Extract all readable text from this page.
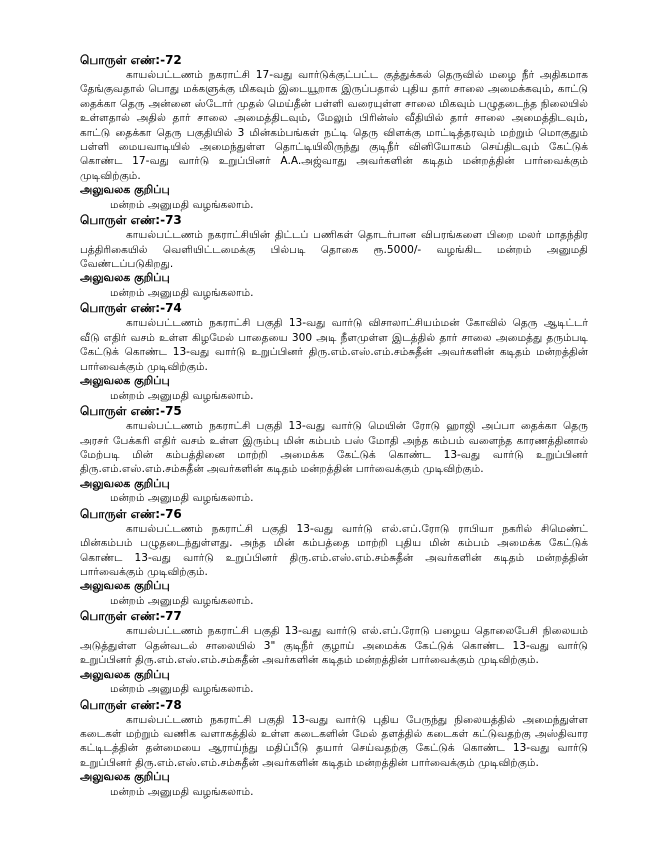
பொருள் எண்:-72

காயல்பட்டணம் நகராட்சி 17-வது வார்டுக்குட்பட்ட குத்துக்கல் தெருவில் மழை நீர் அதிகமாக தேங்குவதால் பொது மக்களுக்கு மிகவும் இடையூறாக இருப்பதால் புதிய தார் சாலை அமைக்கவும், காட்டு தைக்கா தெரு அன்னை ஸ்டோர் முதல் மெய்தீன் பள்ளி வரையுள்ள சாலை மிகவும் பழுதடைந்த நிலையில் உள்ளதால் அதில் தார் சாலை அமைத்திடவும், மேலும் பிரின்ஸ் வீதியில் தார் சாலை அமைத்திடவும், காட்டு தைக்கா தெரு பகுதியில் 3 மின்கம்பங்கள் நட்டி தெரு விளக்கு மாட்டித்தரவும் மற்றும் மொகுதும் பள்ளி மையவாடியில் அமைந்துள்ள தொட்டியிலிருந்து குடிநீர் வினியோகம் செய்திடவும் கேட்டுக் கொண்ட 17-வது வார்டு உறுப்பினர் A.A.அஜ்வாது அவர்களின் கடிதம் மன்றத்தின் பார்வைக்கும் முடிவிற்கும்.

அலுவலக குறிப்பு

மன்றம் அனுமதி வழங்கலாம்.

பொருள் எண்:-73

காயல்பட்டணம் நகராட்சியின் திட்டப் பணிகள் தொடர்பான விபரங்களை பிறை மலர் மாதந்திர பத்திரிகையில் வெளியிட்டமைக்கு பில்படி தொகை ரூ.5000/- வழங்கிட மன்றம் அனுமதி வேண்டப்படுகிறது.

அலுவலக குறிப்பு

மன்றம் அனுமதி வழங்கலாம்.

பொருள் எண்:-74

காயல்பட்டணம் நகராட்சி பகுதி 13-வது வார்டு விசாலாட்சியம்மன் கோவில் தெரு ஆடிட்டர் வீடு எதிர் வசம் உள்ள கிழமேல் பாதையை 300 அடி நீளமுள்ள இடத்தில் தார் சாலை அமைத்து தரும்படி கேட்டுக் கொண்ட 13-வது வார்டு உறுப்பினர் திரு.எம்.எஸ்.எம்.சம்சுதீன் அவர்களின் கடிதம் மன்றத்தின் பார்வைக்கும் முடிவிற்கும்.

அலுவலக குறிப்பு

மன்றம் அனுமதி வழங்கலாம்.

பொருள் எண்:-75

காயல்பட்டணம் நகராட்சி பகுதி 13-வது வார்டு மெயின் ரோடு ஹாஜி அப்பா தைக்கா தெரு அரசர் பேக்கரி எதிர் வசம் உள்ள இரும்பு மின் கம்பம் பஸ் மோதி அந்த கம்பம் வளைந்த காரணத்தினால் மேற்படி மின் கம்பத்தினை மாற்றி அமைக்க கேட்டுக் கொண்ட 13-வது வார்டு உறுப்பினர் திரு.எம்.எஸ்.எம்.சம்சுதீன் அவர்களின் கடிதம் மன்றத்தின் பார்வைக்கும் முடிவிற்கும்.

அலுவலக குறிப்பு

மன்றம் அனுமதி வழங்கலாம்.

பொருள் எண்:-76

காயல்பட்டணம் நகராட்சி பகுதி 13-வது வார்டு எல்.எப்.ரோடு ராபியா நகரில் சிமெண்ட் மின்கம்பம் பழுதடைந்துள்ளது. அந்த மின் கம்பத்தை மாற்றி புதிய மின் கம்பம் அமைக்க கேட்டுக் கொண்ட 13-வது வார்டு உறுப்பினர் திரு.எம்.எஸ்.எம்.சம்சுதீன் அவர்களின் கடிதம் மன்றத்தின் பார்வைக்கும் முடிவிற்கும்.

அலுவலக குறிப்பு

மன்றம் அனுமதி வழங்கலாம்.

பொருள் எண்:-77

காயல்பட்டணம் நகராட்சி பகுதி 13-வது வார்டு எல்.எப்.ரோடு பழைய தொலைபேசி நிலையம் அடுத்துள்ள தென்வடல் சாலையில் 3" குடிநீர் குழாய் அமைக்க கேட்டுக் கொண்ட 13-வது வார்டு உறுப்பினர் திரு.எம்.எஸ்.எம்.சம்சுதீன் அவர்களின் கடிதம் மன்றத்தின் பார்வைக்கும் முடிவிற்கும்.

அலுவலக குறிப்பு

மன்றம் அனுமதி வழங்கலாம்.

பொருள் எண்:-78

காயல்பட்டணம் நகராட்சி பகுதி 13-வது வார்டு புதிய பேருந்து நிலையத்தில் அமைந்துள்ள கடைகள் மற்றும் வணிக வளாகத்தில் உள்ள கடைகளின் மேல் தளத்தில் கடைகள் கட்டுவதற்கு அஸ்திவார கட்டிடத்தின் தன்மையை ஆராய்ந்து மதிப்பீடு தயார் செய்வதற்கு கேட்டுக் கொண்ட 13-வது வார்டு உறுப்பினர் திரு.எம்.எஸ்.எம்.சம்சுதீன் அவர்களின் கடிதம் மன்றத்தின் பார்வைக்கும் முடிவிற்கும்.

அலுவலக குறிப்பு

மன்றம் அனுமதி வழங்கலாம்.
